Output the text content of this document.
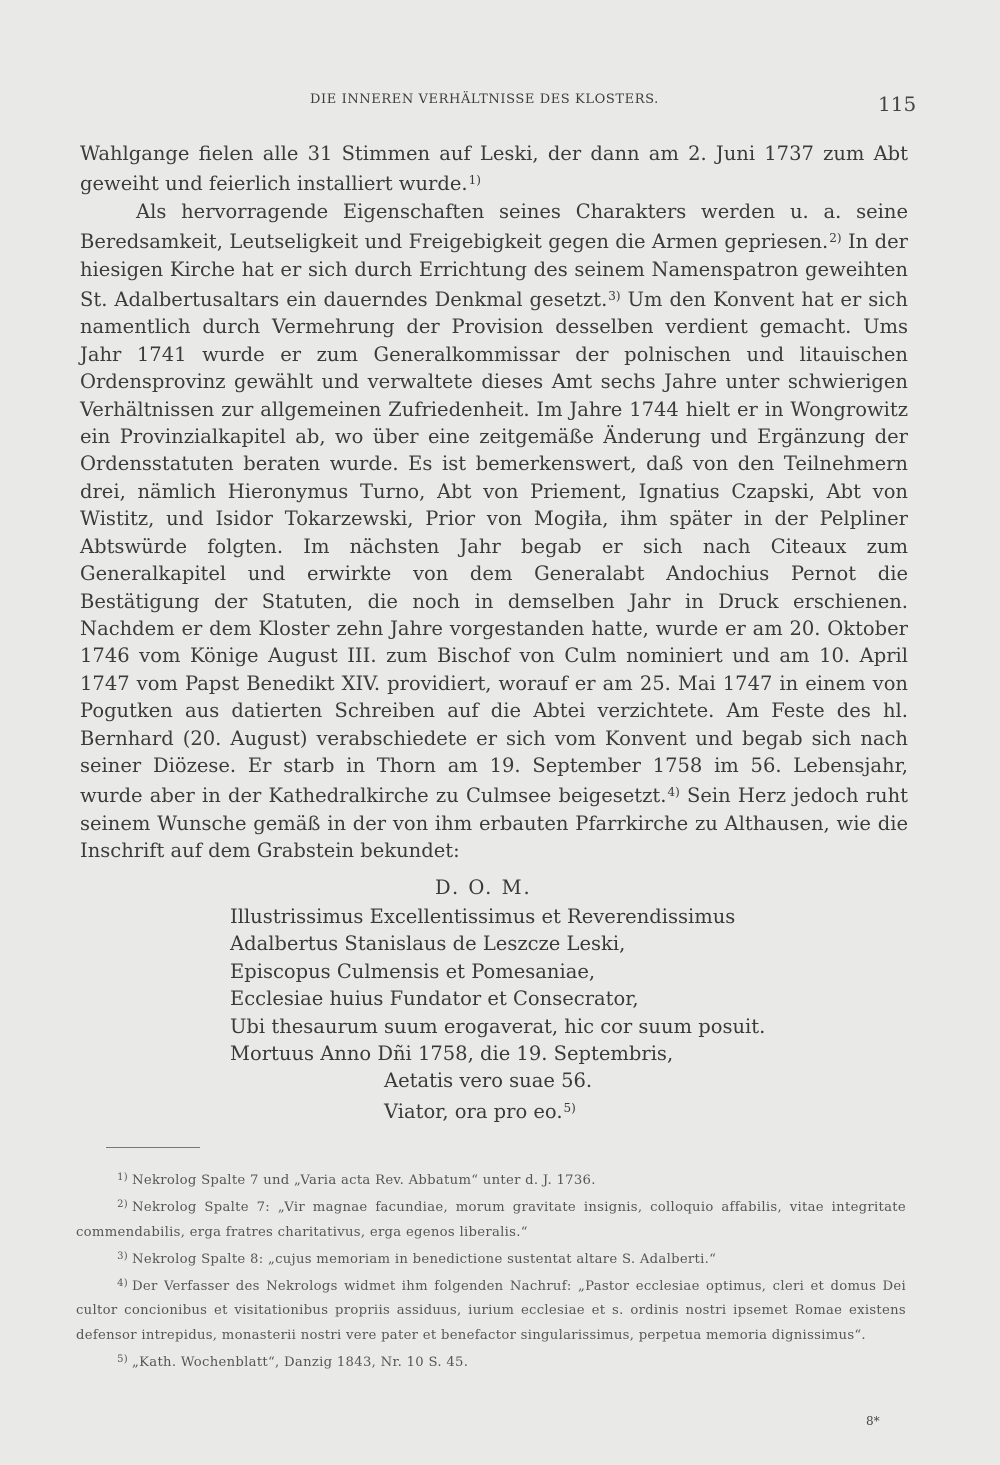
DIE INNEREN VERHÄLTNISSE DES KLOSTERS.	115

Wahlgange fielen alle 31 Stimmen auf Leski, der dann am 2. Juni 1737 zum Abt geweiht und feierlich installiert wurde.$^{1)}$

Als hervorragende Eigenschaften seines Charakters werden u. a. seine Beredsamkeit, Leutseligkeit und Freigebigkeit gegen die Armen gepriesen.$^{2)}$ In der hiesigen Kirche hat er sich durch Errichtung des seinem Namenspatron geweihten St. Adalbertusaltars ein dauerndes Denkmal gesetzt.$^{3)}$ Um den Konvent hat er sich namentlich durch Vermehrung der Provision desselben verdient gemacht. Ums Jahr 1741 wurde er zum Generalkommissar der polnischen und litauischen Ordensprovinz gewählt und verwaltete dieses Amt sechs Jahre unter schwierigen Verhältnissen zur allgemeinen Zufriedenheit. Im Jahre 1744 hielt er in Wongrowitz ein Provinzialkapitel ab, wo über eine zeitgemäße Änderung und Ergänzung der Ordensstatuten beraten wurde. Es ist bemerkenswert, daß von den Teilnehmern drei, nämlich Hieronymus Turno, Abt von Priement, Ignatius Czapski, Abt von Wistitz, und Isidor Tokarzewski, Prior von Mogiła, ihm später in der Pelpliner Abtswürde folgten. Im nächsten Jahr begab er sich nach Citeaux zum Generalkapitel und erwirkte von dem Generalabt Andochius Pernot die Bestätigung der Statuten, die noch in demselben Jahr in Druck erschienen. Nachdem er dem Kloster zehn Jahre vorgestanden hatte, wurde er am 20. Oktober 1746 vom Könige August III. zum Bischof von Culm nominiert und am 10. April 1747 vom Papst Benedikt XIV. providiert, worauf er am 25. Mai 1747 in einem von Pogutken aus datierten Schreiben auf die Abtei verzichtete. Am Feste des hl. Bernhard (20. August) verabschiedete er sich vom Konvent und begab sich nach seiner Diözese. Er starb in Thorn am 19. September 1758 im 56. Lebensjahr, wurde aber in der Kathedralkirche zu Culmsee beigesetzt.$^{4)}$ Sein Herz jedoch ruht seinem Wunsche gemäß in der von ihm erbauten Pfarrkirche zu Althausen, wie die Inschrift auf dem Grabstein bekundet:

D. O. M.
Illustrissimus Excellentissimus et Reverendissimus
Adalbertus Stanislaus de Leszcze Leski,
Episcopus Culmensis et Pomesaniae,
Ecclesiae huius Fundator et Consecrator,
Ubi thesaurum suum erogaverat, hic cor suum posuit.
Mortuus Anno Dñi 1758, die 19. Septembris,
Aetatis vero suae 56.
Viator, ora pro eo.$^{5)}$

$^{1)}$ Nekrolog Spalte 7 und „Varia acta Rev. Abbatum“ unter d. J. 1736.

$^{2)}$ Nekrolog Spalte 7: „Vir magnae facundiae, morum gravitate insignis, colloquio affabilis, vitae integritate commendabilis, erga fratres charitativus, erga egenos liberalis.“

$^{3)}$ Nekrolog Spalte 8: „cujus memoriam in benedictione sustentat altare S. Adalberti.“

$^{4)}$ Der Verfasser des Nekrologs widmet ihm folgenden Nachruf: „Pastor ecclesiae optimus, cleri et domus Dei cultor concionibus et visitationibus propriis assiduus, iurium ecclesiae et s. ordinis nostri ipsemet Romae existens defensor intrepidus, monasterii nostri vere pater et benefactor singularissimus, perpetua memoria dignissimus“.

$^{5)}$ „Kath. Wochenblatt“, Danzig 1843, Nr. 10 S. 45.

8*
